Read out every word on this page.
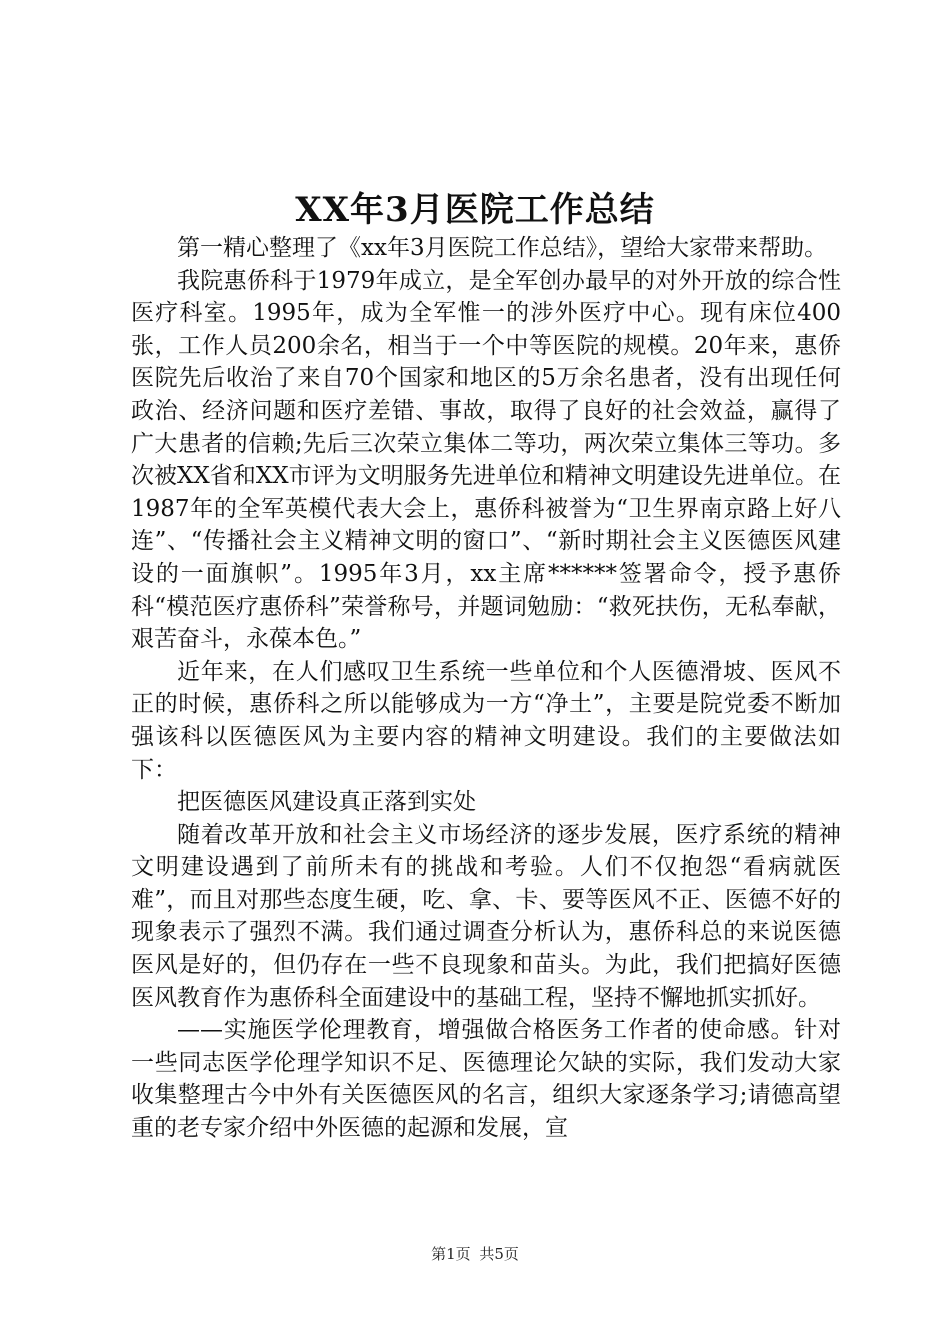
XX年3月医院工作总结

第一精心整理了《xx年3月医院工作总结》，望给大家带来帮助。

我院惠侨科于1979年成立，是全军创办最早的对外开放的综合性医疗科室。1995年，成为全军惟一的涉外医疗中心。现有床位400张，工作人员200余名，相当于一个中等医院的规模。20年来，惠侨医院先后收治了来自70个国家和地区的5万余名患者，没有出现任何政治、经济问题和医疗差错、事故，取得了良好的社会效益，赢得了广大患者的信赖;先后三次荣立集体二等功，两次荣立集体三等功。多次被XX省和XX市评为文明服务先进单位和精神文明建设先进单位。在1987年的全军英模代表大会上，惠侨科被誉为“卫生界南京路上好八连”、“传播社会主义精神文明的窗口”、“新时期社会主义医德医风建设的一面旗帜”。1995年3月，xx主席******签署命令，授予惠侨科“模范医疗惠侨科”荣誉称号，并题词勉励：“救死扶伤，无私奉献，艰苦奋斗，永葆本色。”

近年来，在人们感叹卫生系统一些单位和个人医德滑坡、医风不正的时候，惠侨科之所以能够成为一方“净土”，主要是院党委不断加强该科以医德医风为主要内容的精神文明建设。我们的主要做法如下：

把医德医风建设真正落到实处

随着改革开放和社会主义市场经济的逐步发展，医疗系统的精神文明建设遇到了前所未有的挑战和考验。人们不仅抱怨“看病就医难”，而且对那些态度生硬，吃、拿、卡、要等医风不正、医德不好的现象表示了强烈不满。我们通过调查分析认为，惠侨科总的来说医德医风是好的，但仍存在一些不良现象和苗头。为此，我们把搞好医德医风教育作为惠侨科全面建设中的基础工程，坚持不懈地抓实抓好。

——实施医学伦理教育，增强做合格医务工作者的使命感。针对一些同志医学伦理学知识不足、医德理论欠缺的实际，我们发动大家收集整理古今中外有关医德医风的名言，组织大家逐条学习;请德高望重的老专家介绍中外医德的起源和发展，宣

第1页 共5页
